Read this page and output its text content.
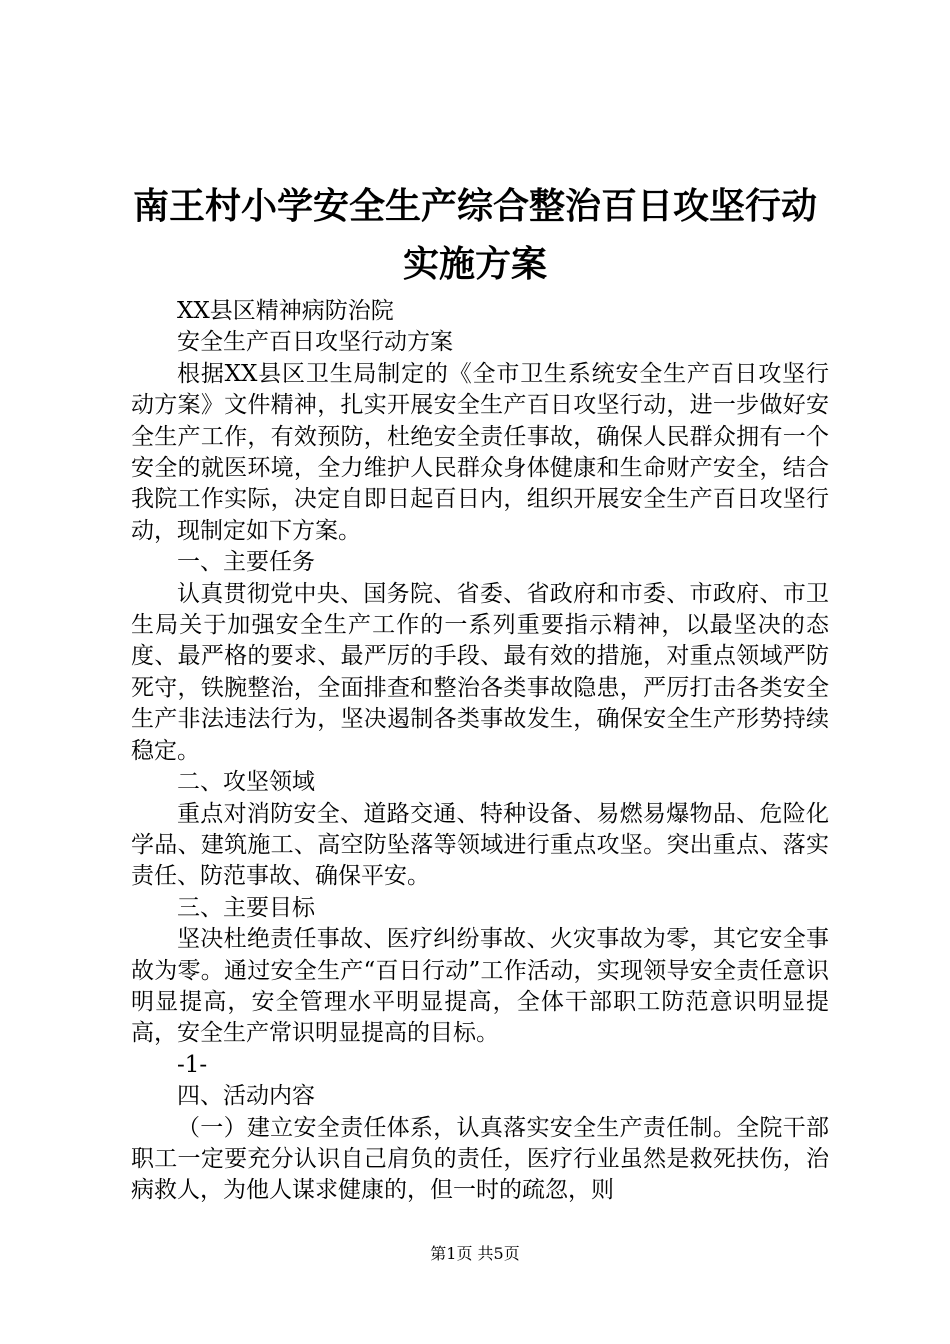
南王村小学安全生产综合整治百日攻坚行动实施方案

XX县区精神病防治院

安全生产百日攻坚行动方案

根据XX县区卫生局制定的《全市卫生系统安全生产百日攻坚行动方案》文件精神，扎实开展安全生产百日攻坚行动，进一步做好安全生产工作，有效预防，杜绝安全责任事故，确保人民群众拥有一个安全的就医环境，全力维护人民群众身体健康和生命财产安全，结合我院工作实际，决定自即日起百日内，组织开展安全生产百日攻坚行动，现制定如下方案。

一、主要任务

认真贯彻党中央、国务院、省委、省政府和市委、市政府、市卫生局关于加强安全生产工作的一系列重要指示精神，以最坚决的态度、最严格的要求、最严厉的手段、最有效的措施，对重点领域严防死守，铁腕整治，全面排查和整治各类事故隐患，严厉打击各类安全生产非法违法行为，坚决遏制各类事故发生，确保安全生产形势持续稳定。

二、攻坚领域

重点对消防安全、道路交通、特种设备、易燃易爆物品、危险化学品、建筑施工、高空防坠落等领域进行重点攻坚。突出重点、落实责任、防范事故、确保平安。

三、主要目标

坚决杜绝责任事故、医疗纠纷事故、火灾事故为零，其它安全事故为零。通过安全生产“百日行动”工作活动，实现领导安全责任意识明显提高，安全管理水平明显提高，全体干部职工防范意识明显提高，安全生产常识明显提高的目标。

-1-

四、活动内容

（一）建立安全责任体系，认真落实安全生产责任制。全院干部职工一定要充分认识自己肩负的责任，医疗行业虽然是救死扶伤，治病救人，为他人谋求健康的，但一时的疏忽，则

第1页 共5页
